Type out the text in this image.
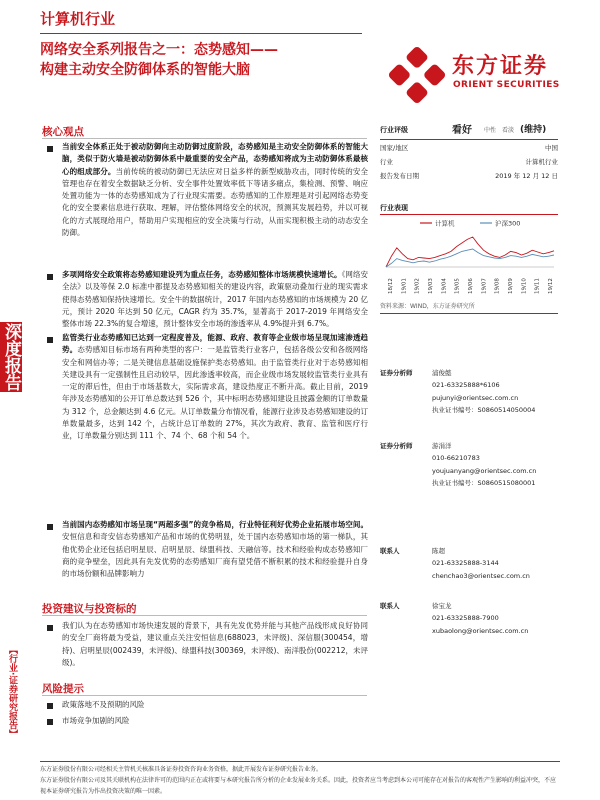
计算机行业
网络安全系列报告之一：态势感知——
构建主动安全防御体系的智能大脑	东方证券
ORIENT SECURITIES
深度报告
【行业·证券研究报告】
核心观点
当前安全体系正处于被动防御向主动防御过度阶段，态势感知是主动安全防御体系的智能大脑，类似于防火墙是被动防御体系中最重要的安全产品，态势感知将成为主动防御体系最核心的组成部分。当前传统的被动防御已无法应对日益多样的新型威胁攻击，同时传统的安全管理也存在着安全数据缺乏分析、安全事件处置效率低下等诸多痛点，集检测、预警、响应处置功能为一体的态势感知成为了行业现实需要。态势感知的工作原理是对引起网络态势变化的安全要素信息进行获取、理解，评估整体网络安全的状况，预测其发展趋势，并以可视化的方式展现给用户，帮助用户实现相应的安全决策与行动，从而实现积极主动的动态安全防御。
多项网络安全政策将态势感知建设列为重点任务，态势感知整体市场规模快速增长。《网络安全法》以及等保 2.0 标准中都提及态势感知相关的建设内容，政策驱动叠加行业的现实需求使得态势感知保持快速增长。安全牛的数据统计，2017 年国内态势感知的市场规模为 20 亿元，预计 2020 年达到 50 亿元，CAGR 约为 35.7%，显著高于 2017-2019 年网络安全整体市场 22.3%的复合增速，预计整体安全市场的渗透率从 4.9%提升到 6.7%。
监管类行业态势感知已达到一定程度普及，能源、政府、教育等企业级市场呈现加速渗透趋势。态势感知目标市场有两种类型的客户：一是监管类行业客户，包括各级公安和各级网络安全和网信办等；二是关键信息基础设施保护类态势感知。由于监管类行业对于态势感知相关建设具有一定强制性且启动较早，因此渗透率较高，而企业级市场发展较监管类行业具有一定的滞后性，但由于市场基数大，实际需求高，建设热度正不断升高。截止目前，2019 年涉及态势感知的公开订单总数达到 526 个，其中标明态势感知建设且披露金额的订单数量为 312 个，总金额达到 4.6 亿元。从订单数量分布情况看，能源行业涉及态势感知建设的订单数量最多，达到 142 个，占统计总订单数的 27%，其次为政府、教育、监管和医疗行业，订单数量分别达到 111 个、74 个、68 个和 54 个。
当前国内态势感知市场呈现“两超多强”的竞争格局，行业特征利好优势企业拓展市场空间。安恒信息和奇安信态势感知产品和市场的优势明显，处于国内态势感知市场的第一梯队，其他优势企业还包括启明星辰、启明星辰、绿盟科技、天融信等。技术和经验构成态势感知厂商的竞争壁垒，因此具有先发优势的态势感知厂商有望凭借不断积累的技术和经验提升自身的市场份额和品牌影响力
投资建议与投资标的
我们认为在态势感知市场快速发展的背景下，具有先发优势并能与其他产品线形成良好协同的安全厂商将最为受益，建议重点关注安恒信息(688023，未评级)、深信服(300454，增持)、启明星辰(002439，未评级)、绿盟科技(300369，未评级)、南洋股份(002212，未评级)。
风险提示
政策落地不及预期的风险
市场竞争加剧的风险
行业评级	看好 中性 看淡 (维持)
国家/地区	中国
行业	计算机行业
报告发布日期	2019 年 12 月 12 日
行业表现
计算机	沪深300
18/12 19/01 19/02 19/03 19/04 19/05 19/06 19/07 19/08 19/09 19/10 19/11 19/12
资料来源：WIND，东方证券研究所
证券分析师	浦俊懿
021-63325888*6106
pujunyi@orientsec.com.cn
执业证书编号：S0860514050004
证券分析师	游涓洋
010-66210783
youjuanyang@orientsec.com.cn
执业证书编号：S0860515080001
联系人	陈超
021-63325888-3144
chenchao3@orientsec.com.cn
联系人	徐宝龙
021-63325888-7900
xubaolong@orientsec.com.cn
东方证券股份有限公司经相关主管机关核准具备证券投资咨询业务资格，据此开展发布证券研究报告业务。
东方证券股份有限公司及其关联机构在法律许可的范围内正在或将要与本研究报告所分析的企业发展业务关系。因此，投资者应当考虑到本公司可能存在对报告的客观性产生影响的利益冲突，不应视本证券研究报告为作出投资决策的唯一因素。
